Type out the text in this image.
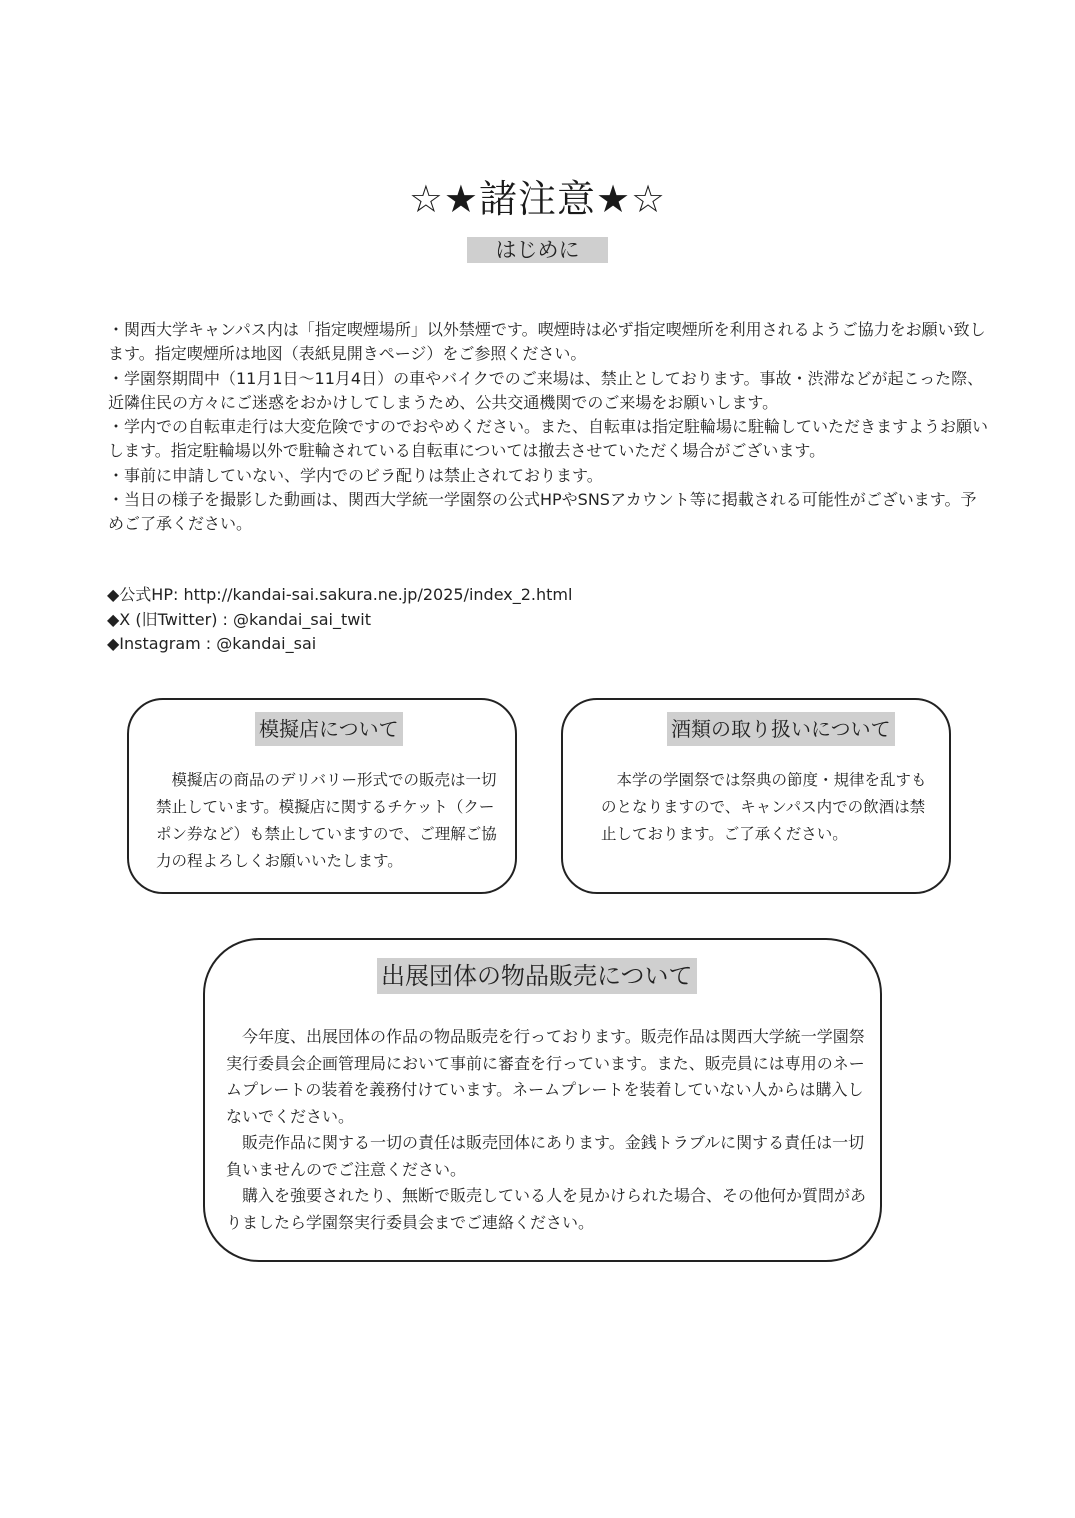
☆★諸注意★☆
はじめに

・関西大学キャンパス内は「指定喫煙場所」以外禁煙です。喫煙時は必ず指定喫煙所を利用されるようご協力をお願い致します。指定喫煙所は地図（表紙見開きページ）をご参照ください。

・学園祭期間中（11月1日〜11月4日）の車やバイクでのご来場は、禁止としております。事故・渋滞などが起こった際、近隣住民の方々にご迷惑をおかけしてしまうため、公共交通機関でのご来場をお願いします。

・学内での自転車走行は大変危険ですのでおやめください。また、自転車は指定駐輪場に駐輪していただきますようお願いします。指定駐輪場以外で駐輪されている自転車については撤去させていただく場合がございます。

・事前に申請していない、学内でのビラ配りは禁止されております。

・当日の様子を撮影した動画は、関西大学統一学園祭の公式HPやSNSアカウント等に掲載される可能性がございます。予めご了承ください。

◆公式HP: http://kandai-sai.sakura.ne.jp/2025/index_2.html
◆X (旧Twitter) : @kandai_sai_twit
◆Instagram : @kandai_sai
模擬店について

　模擬店の商品のデリバリー形式での販売は一切禁止しています。模擬店に関するチケット（クーポン券など）も禁止していますので、ご理解ご協力の程よろしくお願いいたします。

酒類の取り扱いについて

　本学の学園祭では祭典の節度・規律を乱すものとなりますので、キャンパス内での飲酒は禁止しております。ご了承ください。

出展団体の物品販売について

　今年度、出展団体の作品の物品販売を行っております。販売作品は関西大学統一学園祭実行委員会企画管理局において事前に審査を行っています。また、販売員には専用のネームプレートの装着を義務付けています。ネームプレートを装着していない人からは購入しないでください。

　販売作品に関する一切の責任は販売団体にあります。金銭トラブルに関する責任は一切負いませんのでご注意ください。

　購入を強要されたり、無断で販売している人を見かけられた場合、その他何か質問がありましたら学園祭実行委員会までご連絡ください。
